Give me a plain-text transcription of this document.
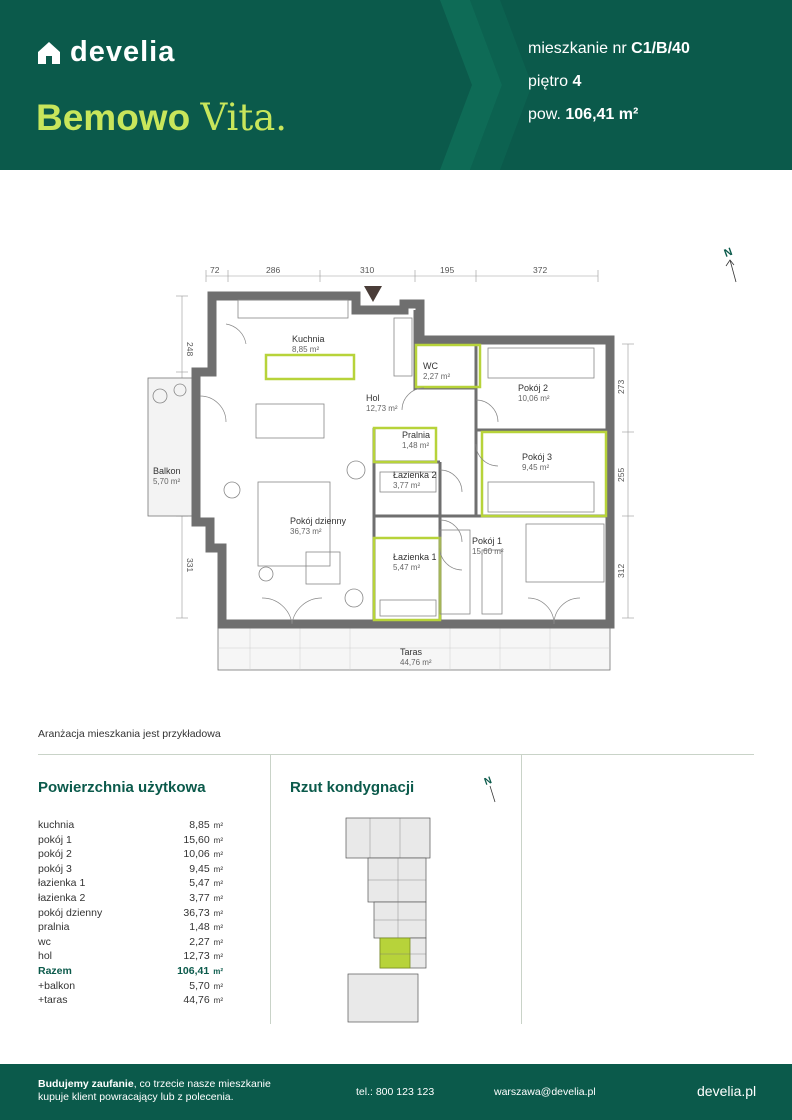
develia
Bemowo Vita.
mieszkanie nr C1/B/40
piętro 4
pow. 106,41 m²
72	286	310	195	372
248
331
273
255
312
Kuchnia
8,85 m²
Hol
12,73 m²
WC
2,27 m²
Pokój 2
10,06 m²
Pralnia
1,48 m²
Pokój 3
9,45 m²
Łazienka 2
3,77 m²
Balkon
5,70 m²
Pokój dzienny
36,73 m²
Łazienka 1
5,47 m²
Pokój 1
15,60 m²
Taras
44,76 m²
N
Aranżacja mieszkania jest przykładowa
Powierzchnia użytkowa
kuchnia	8,85 m²
pokój 1	15,60 m²
pokój 2	10,06 m²
pokój 3	9,45 m²
łazienka 1	5,47 m²
łazienka 2	3,77 m²
pokój dzienny	36,73 m²
pralnia	1,48 m²
wc	2,27 m²
hol	12,73 m²
Razem	106,41 m²
+balkon	5,70 m²
+taras	44,76 m²
Rzut kondygnacji	N
Budujemy zaufanie, co trzecie nasze mieszkanie kupuje klient powracający lub z polecenia.	tel.: 800 123 123	warszawa@develia.pl	develia.pl
